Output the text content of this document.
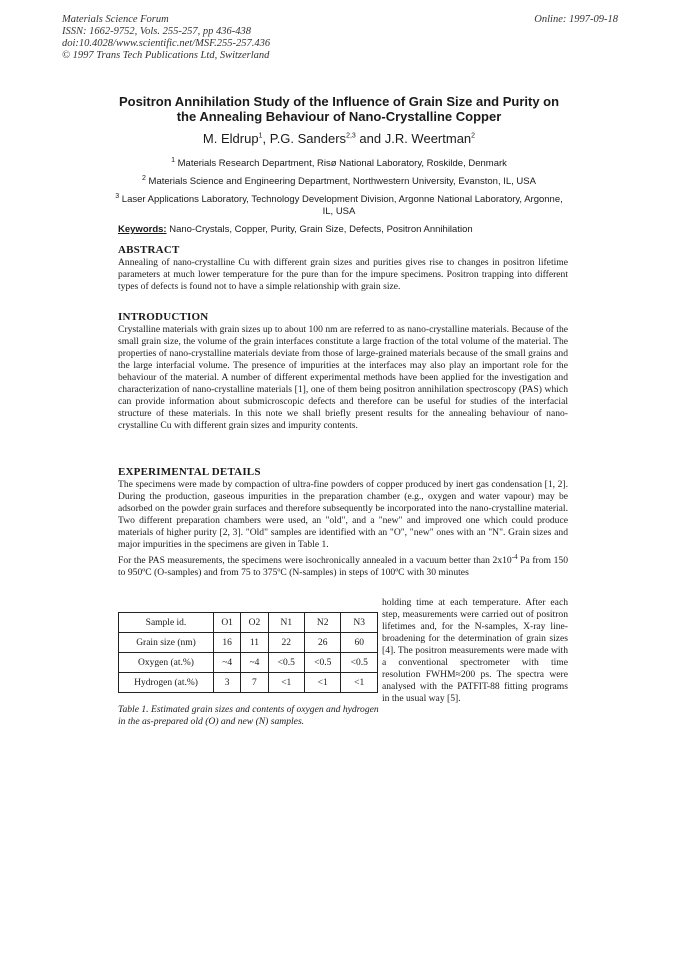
Materials Science Forum
ISSN: 1662-9752, Vols. 255-257, pp 436-438
doi:10.4028/www.scientific.net/MSF.255-257.436
© 1997 Trans Tech Publications Ltd, Switzerland
Online: 1997-09-18
Positron Annihilation Study of the Influence of Grain Size and Purity on
the Annealing Behaviour of Nano-Crystalline Copper
M. Eldrup$^1$, P.G. Sanders$^{2,3}$ and J.R. Weertman$^2$
$^1$ Materials Research Department, Risø National Laboratory, Roskilde, Denmark
$^2$ Materials Science and Engineering Department, Northwestern University, Evanston, IL, USA
$^3$ Laser Applications Laboratory, Technology Development Division, Argonne National Laboratory, Argonne, IL, USA
Keywords: Nano-Crystals, Copper, Purity, Grain Size, Defects, Positron Annihilation
ABSTRACT

Annealing of nano-crystalline Cu with different grain sizes and purities gives rise to changes in positron lifetime parameters at much lower temperature for the pure than for the impure specimens. Positron trapping into different types of defects is found not to have a simple relationship with grain size.

INTRODUCTION

Crystalline materials with grain sizes up to about 100 nm are referred to as nano-crystalline materials. Because of the small grain size, the volume of the grain interfaces constitute a large fraction of the total volume of the material. The properties of nano-crystalline materials deviate from those of large-grained materials because of the small grains and the large interfacial volume. The presence of impurities at the interfaces may also play an important role for the behaviour of the material. A number of different experimental methods have been applied for the investigation and characterization of nano-crystalline materials [1], one of them being positron annihilation spectroscopy (PAS) which can provide information about submicroscopic defects and therefore can be useful for studies of the interfacial structure of these materials. In this note we shall briefly present results for the annealing behaviour of nano-crystalline Cu with different grain sizes and impurity contents.

EXPERIMENTAL DETAILS

The specimens were made by compaction of ultra-fine powders of copper produced by inert gas condensation [1, 2]. During the production, gaseous impurities in the preparation chamber (e.g., oxygen and water vapour) may be adsorbed on the powder grain surfaces and therefore subsequently be incorporated into the nano-crystalline material. Two different preparation chambers were used, an "old", and a "new" and improved one which could produce materials of higher purity [2, 3]. "Old" samples are identified with an "O", "new" ones with an "N". Grain sizes and major impurities in the specimens are given in Table 1.

For the PAS measurements, the specimens were isochronically annealed in a vacuum better than $2x10^{-4}$ Pa from 150 to 950ºC (O-samples) and from 75 to 375ºC (N-samples) in steps of 100ºC with 30 minutes

holding time at each temperature. After each step, measurements were carried out of positron lifetimes and, for the N-samples, X-ray line-broadening for the determination of grain sizes [4]. The positron measurements were made with a conventional spectrometer with time resolution FWHM≈200 ps. The spectra were analysed with the PATFIT-88 fitting programs in the usual way [5].

Sample id.	O1	O2	N1	N2	N3
Grain size (nm)	16	11	22	26	60
Oxygen (at.%)	~4	~4	<0.5	<0.5	<0.5
Hydrogen (at.%)	3	7	<1	<1	<1
Table 1. Estimated grain sizes and contents of oxygen and hydrogen in the as-prepared old (O) and new (N) samples.
